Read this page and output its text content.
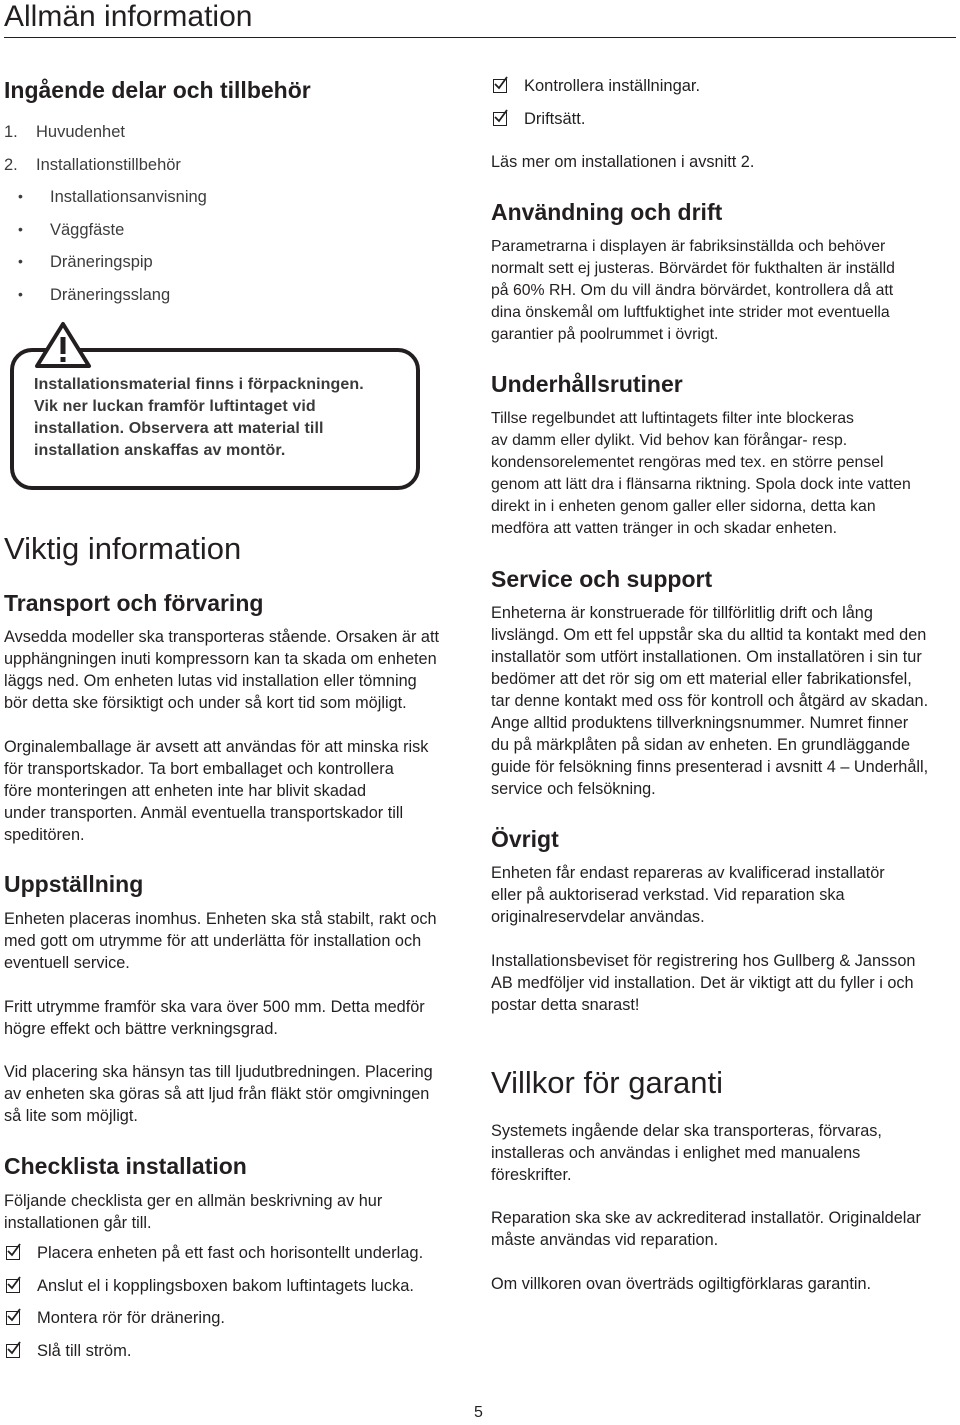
Allmän information
Ingående delar och tillbehör
1. Huvudenhet
2. Installationstillbehör
• Installationsanvisning
• Väggfäste
• Dräneringspip
• Dräneringsslang
Installationsmaterial finns i förpackningen.
Vik ner luckan framför luftintaget vid
installation. Observera att material till
installation anskaffas av montör.
Viktig information
Transport och förvaring
Avsedda modeller ska transporteras stående. Orsaken är att
upphängningen inuti kompressorn kan ta skada om enheten
läggs ned. Om enheten lutas vid installation eller tömning
bör detta ske försiktigt och under så kort tid som möjligt.
Orginalemballage är avsett att användas för att minska risk
för transportskador. Ta bort emballaget och kontrollera
före monteringen att enheten inte har blivit skadad
under transporten. Anmäl eventuella transportskador till
speditören.
Uppställning
Enheten placeras inomhus. Enheten ska stå stabilt, rakt och
med gott om utrymme för att underlätta för installation och
eventuell service.
Fritt utrymme framför ska vara över 500 mm. Detta medför
högre effekt och bättre verkningsgrad.
Vid placering ska hänsyn tas till ljudutbredningen. Placering
av enheten ska göras så att ljud från fläkt stör omgivningen
så lite som möjligt.
Checklista installation
Följande checklista ger en allmän beskrivning av hur
installationen går till.
Placera enheten på ett fast och horisontellt underlag.
Anslut el i kopplingsboxen bakom luftintagets lucka.
Montera rör för dränering.
Slå till ström.
Kontrollera inställningar.
Driftsätt.
Läs mer om installationen i avsnitt 2.
Användning och drift
Parametrarna i displayen är fabriksinställda och behöver
normalt sett ej justeras. Börvärdet för fukthalten är inställd
på 60% RH. Om du vill ändra börvärdet, kontrollera då att
dina önskemål om luftfuktighet inte strider mot eventuella
garantier på poolrummet i övrigt.
Underhållsrutiner
Tillse regelbundet att luftintagets filter inte blockeras
av damm eller dylikt. Vid behov kan förångar- resp.
kondensorelementet rengöras med tex. en större pensel
genom att lätt dra i flänsarna riktning. Spola dock inte vatten
direkt in i enheten genom galler eller sidorna, detta kan
medföra att vatten tränger in och skadar enheten.
Service och support
Enheterna är konstruerade för tillförlitlig drift och lång
livslängd. Om ett fel uppstår ska du alltid ta kontakt med den
installatör som utfört installationen. Om installatören i sin tur
bedömer att det rör sig om ett material eller fabrikationsfel,
tar denne kontakt med oss för kontroll och åtgärd av skadan.
Ange alltid produktens tillverkningsnummer. Numret finner
du på märkplåten på sidan av enheten. En grundläggande
guide för felsökning finns presenterad i avsnitt 4 – Underhåll,
service och felsökning.
Övrigt
Enheten får endast repareras av kvalificerad installatör
eller på auktoriserad verkstad. Vid reparation ska
originalreservdelar användas.
Installationsbeviset för registrering hos Gullberg & Jansson
AB medföljer vid installation. Det är viktigt att du fyller i och
postar detta snarast!
Villkor för garanti
Systemets ingående delar ska transporteras, förvaras,
installeras och användas i enlighet med manualens
föreskrifter.
Reparation ska ske av ackrediterad installatör. Originaldelar
måste användas vid reparation.
Om villkoren ovan överträds ogiltigförklaras garantin.
5
